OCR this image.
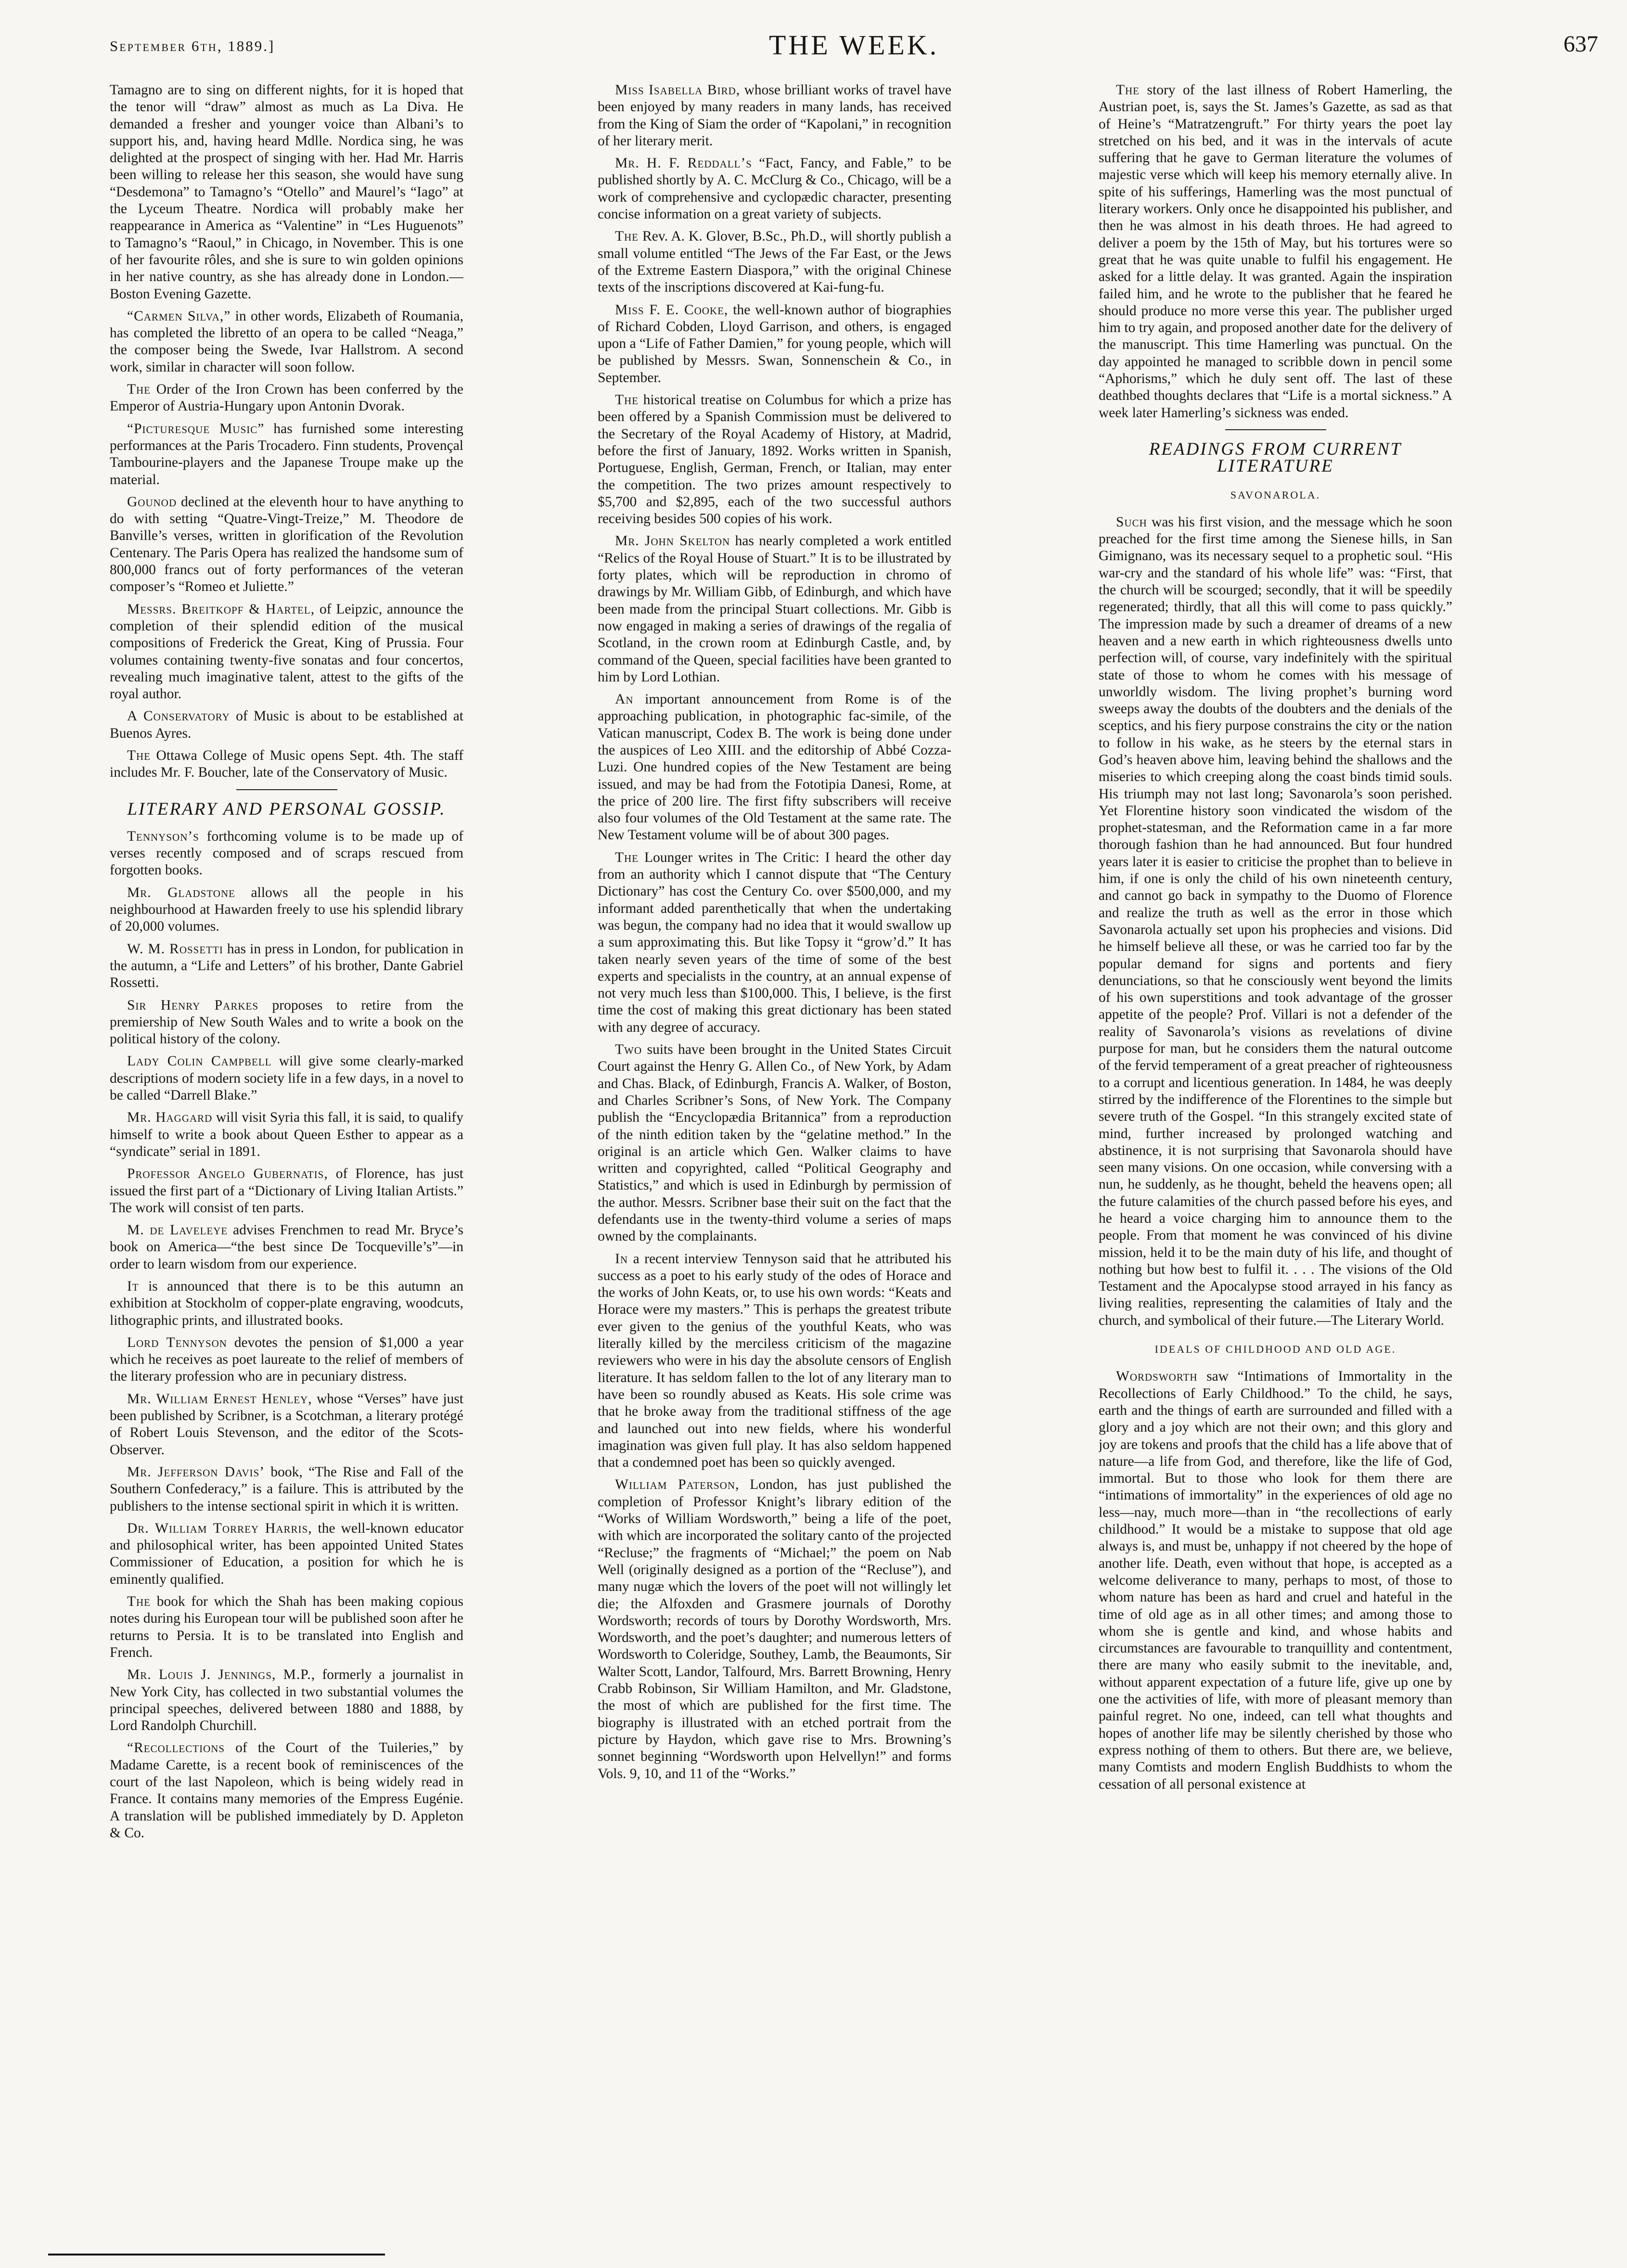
September 6th, 1889.]	THE WEEK.	637

Tamagno are to sing on different nights, for it is hoped that the tenor will “draw” almost as much as La Diva. He demanded a fresher and younger voice than Albani’s to support his, and, having heard Mdlle. Nordica sing, he was delighted at the prospect of singing with her. Had Mr. Harris been willing to release her this season, she would have sung “Desdemona” to Tamagno’s “Otello” and Maurel’s “Iago” at the Lyceum Theatre. Nordica will probably make her reappearance in America as “Valentine” in “Les Huguenots” to Tamagno’s “Raoul,” in Chicago, in November. This is one of her favourite rôles, and she is sure to win golden opinions in her native country, as she has already done in London.—Boston Evening Gazette.

“Carmen Silva,” in other words, Elizabeth of Roumania, has completed the libretto of an opera to be called “Neaga,” the composer being the Swede, Ivar Hallstrom. A second work, similar in character will soon follow.

The Order of the Iron Crown has been conferred by the Emperor of Austria-Hungary upon Antonin Dvorak.

“Picturesque Music” has furnished some interesting performances at the Paris Trocadero. Finn students, Provençal Tambourine-players and the Japanese Troupe make up the material.

Gounod declined at the eleventh hour to have anything to do with setting “Quatre-Vingt-Treize,” M. Theodore de Banville’s verses, written in glorification of the Revolution Centenary. The Paris Opera has realized the handsome sum of 800,000 francs out of forty performances of the veteran composer’s “Romeo et Juliette.”

Messrs. Breitkopf & Hartel, of Leipzic, announce the completion of their splendid edition of the musical compositions of Frederick the Great, King of Prussia. Four volumes containing twenty-five sonatas and four concertos, revealing much imaginative talent, attest to the gifts of the royal author.

A Conservatory of Music is about to be established at Buenos Ayres.

The Ottawa College of Music opens Sept. 4th. The staff includes Mr. F. Boucher, late of the Conservatory of Music.

LITERARY AND PERSONAL GOSSIP.

Tennyson’s forthcoming volume is to be made up of verses recently composed and of scraps rescued from forgotten books.

Mr. Gladstone allows all the people in his neighbourhood at Hawarden freely to use his splendid library of 20,000 volumes.

W. M. Rossetti has in press in London, for publication in the autumn, a “Life and Letters” of his brother, Dante Gabriel Rossetti.

Sir Henry Parkes proposes to retire from the premiership of New South Wales and to write a book on the political history of the colony.

Lady Colin Campbell will give some clearly-marked descriptions of modern society life in a few days, in a novel to be called “Darrell Blake.”

Mr. Haggard will visit Syria this fall, it is said, to qualify himself to write a book about Queen Esther to appear as a “syndicate” serial in 1891.

Professor Angelo Gubernatis, of Florence, has just issued the first part of a “Dictionary of Living Italian Artists.” The work will consist of ten parts.

M. de Laveleye advises Frenchmen to read Mr. Bryce’s book on America—“the best since De Tocqueville’s”—in order to learn wisdom from our experience.

It is announced that there is to be this autumn an exhibition at Stockholm of copper-plate engraving, woodcuts, lithographic prints, and illustrated books.

Lord Tennyson devotes the pension of $1,000 a year which he receives as poet laureate to the relief of members of the literary profession who are in pecuniary distress.

Mr. William Ernest Henley, whose “Verses” have just been published by Scribner, is a Scotchman, a literary protégé of Robert Louis Stevenson, and the editor of the Scots-Observer.

Mr. Jefferson Davis’ book, “The Rise and Fall of the Southern Confederacy,” is a failure. This is attributed by the publishers to the intense sectional spirit in which it is written.

Dr. William Torrey Harris, the well-known educator and philosophical writer, has been appointed United States Commissioner of Education, a position for which he is eminently qualified.

The book for which the Shah has been making copious notes during his European tour will be published soon after he returns to Persia. It is to be translated into English and French.

Mr. Louis J. Jennings, M.P., formerly a journalist in New York City, has collected in two substantial volumes the principal speeches, delivered between 1880 and 1888, by Lord Randolph Churchill.

“Recollections of the Court of the Tuileries,” by Madame Carette, is a recent book of reminiscences of the court of the last Napoleon, which is being widely read in France. It contains many memories of the Empress Eugénie. A translation will be published immediately by D. Appleton & Co.

Miss Isabella Bird, whose brilliant works of travel have been enjoyed by many readers in many lands, has received from the King of Siam the order of “Kapolani,” in recognition of her literary merit.

Mr. H. F. Reddall’s “Fact, Fancy, and Fable,” to be published shortly by A. C. McClurg & Co., Chicago, will be a work of comprehensive and cyclopædic character, presenting concise information on a great variety of subjects.

The Rev. A. K. Glover, B.Sc., Ph.D., will shortly publish a small volume entitled “The Jews of the Far East, or the Jews of the Extreme Eastern Diaspora,” with the original Chinese texts of the inscriptions discovered at Kai-fung-fu.

Miss F. E. Cooke, the well-known author of biographies of Richard Cobden, Lloyd Garrison, and others, is engaged upon a “Life of Father Damien,” for young people, which will be published by Messrs. Swan, Sonnenschein & Co., in September.

The historical treatise on Columbus for which a prize has been offered by a Spanish Commission must be delivered to the Secretary of the Royal Academy of History, at Madrid, before the first of January, 1892. Works written in Spanish, Portuguese, English, German, French, or Italian, may enter the competition. The two prizes amount respectively to $5,700 and $2,895, each of the two successful authors receiving besides 500 copies of his work.

Mr. John Skelton has nearly completed a work entitled “Relics of the Royal House of Stuart.” It is to be illustrated by forty plates, which will be reproduction in chromo of drawings by Mr. William Gibb, of Edinburgh, and which have been made from the principal Stuart collections. Mr. Gibb is now engaged in making a series of drawings of the regalia of Scotland, in the crown room at Edinburgh Castle, and, by command of the Queen, special facilities have been granted to him by Lord Lothian.

An important announcement from Rome is of the approaching publication, in photographic fac-simile, of the Vatican manuscript, Codex B. The work is being done under the auspices of Leo XIII. and the editorship of Abbé Cozza-Luzi. One hundred copies of the New Testament are being issued, and may be had from the Fototipia Danesi, Rome, at the price of 200 lire. The first fifty subscribers will receive also four volumes of the Old Testament at the same rate. The New Testament volume will be of about 300 pages.

The Lounger writes in The Critic: I heard the other day from an authority which I cannot dispute that “The Century Dictionary” has cost the Century Co. over $500,000, and my informant added parenthetically that when the undertaking was begun, the company had no idea that it would swallow up a sum approximating this. But like Topsy it “grow’d.” It has taken nearly seven years of the time of some of the best experts and specialists in the country, at an annual expense of not very much less than $100,000. This, I believe, is the first time the cost of making this great dictionary has been stated with any degree of accuracy.

Two suits have been brought in the United States Circuit Court against the Henry G. Allen Co., of New York, by Adam and Chas. Black, of Edinburgh, Francis A. Walker, of Boston, and Charles Scribner’s Sons, of New York. The Company publish the “Encyclopædia Britannica” from a reproduction of the ninth edition taken by the “gelatine method.” In the original is an article which Gen. Walker claims to have written and copyrighted, called “Political Geography and Statistics,” and which is used in Edinburgh by permission of the author. Messrs. Scribner base their suit on the fact that the defendants use in the twenty-third volume a series of maps owned by the complainants.

In a recent interview Tennyson said that he attributed his success as a poet to his early study of the odes of Horace and the works of John Keats, or, to use his own words: “Keats and Horace were my masters.” This is perhaps the greatest tribute ever given to the genius of the youthful Keats, who was literally killed by the merciless criticism of the magazine reviewers who were in his day the absolute censors of English literature. It has seldom fallen to the lot of any literary man to have been so roundly abused as Keats. His sole crime was that he broke away from the traditional stiffness of the age and launched out into new fields, where his wonderful imagination was given full play. It has also seldom happened that a condemned poet has been so quickly avenged.

William Paterson, London, has just published the completion of Professor Knight’s library edition of the “Works of William Wordsworth,” being a life of the poet, with which are incorporated the solitary canto of the projected “Recluse;” the fragments of “Michael;” the poem on Nab Well (originally designed as a portion of the “Recluse”), and many nugæ which the lovers of the poet will not willingly let die; the Alfoxden and Grasmere journals of Dorothy Wordsworth; records of tours by Dorothy Wordsworth, Mrs. Wordsworth, and the poet’s daughter; and numerous letters of Wordsworth to Coleridge, Southey, Lamb, the Beaumonts, Sir Walter Scott, Landor, Talfourd, Mrs. Barrett Browning, Henry Crabb Robinson, Sir William Hamilton, and Mr. Gladstone, the most of which are published for the first time. The biography is illustrated with an etched portrait from the picture by Haydon, which gave rise to Mrs. Browning’s sonnet beginning “Wordsworth upon Helvellyn!” and forms Vols. 9, 10, and 11 of the “Works.”

The story of the last illness of Robert Hamerling, the Austrian poet, is, says the St. James’s Gazette, as sad as that of Heine’s “Matratzengruft.” For thirty years the poet lay stretched on his bed, and it was in the intervals of acute suffering that he gave to German literature the volumes of majestic verse which will keep his memory eternally alive. In spite of his sufferings, Hamerling was the most punctual of literary workers. Only once he disappointed his publisher, and then he was almost in his death throes. He had agreed to deliver a poem by the 15th of May, but his tortures were so great that he was quite unable to fulfil his engagement. He asked for a little delay. It was granted. Again the inspiration failed him, and he wrote to the publisher that he feared he should produce no more verse this year. The publisher urged him to try again, and proposed another date for the delivery of the manuscript. This time Hamerling was punctual. On the day appointed he managed to scribble down in pencil some “Aphorisms,” which he duly sent off. The last of these deathbed thoughts declares that “Life is a mortal sickness.” A week later Hamerling’s sickness was ended.

READINGS FROM CURRENT LITERATURE
SAVONAROLA.

Such was his first vision, and the message which he soon preached for the first time among the Sienese hills, in San Gimignano, was its necessary sequel to a prophetic soul. “His war-cry and the standard of his whole life” was: “First, that the church will be scourged; secondly, that it will be speedily regenerated; thirdly, that all this will come to pass quickly.” The impression made by such a dreamer of dreams of a new heaven and a new earth in which righteousness dwells unto perfection will, of course, vary indefinitely with the spiritual state of those to whom he comes with his message of unworldly wisdom. The living prophet’s burning word sweeps away the doubts of the doubters and the denials of the sceptics, and his fiery purpose constrains the city or the nation to follow in his wake, as he steers by the eternal stars in God’s heaven above him, leaving behind the shallows and the miseries to which creeping along the coast binds timid souls. His triumph may not last long; Savonarola’s soon perished. Yet Florentine history soon vindicated the wisdom of the prophet-statesman, and the Reformation came in a far more thorough fashion than he had announced. But four hundred years later it is easier to criticise the prophet than to believe in him, if one is only the child of his own nineteenth century, and cannot go back in sympathy to the Duomo of Florence and realize the truth as well as the error in those which Savonarola actually set upon his prophecies and visions. Did he himself believe all these, or was he carried too far by the popular demand for signs and portents and fiery denunciations, so that he consciously went beyond the limits of his own superstitions and took advantage of the grosser appetite of the people? Prof. Villari is not a defender of the reality of Savonarola’s visions as revelations of divine purpose for man, but he considers them the natural outcome of the fervid temperament of a great preacher of righteousness to a corrupt and licentious generation. In 1484, he was deeply stirred by the indifference of the Florentines to the simple but severe truth of the Gospel. “In this strangely excited state of mind, further increased by prolonged watching and abstinence, it is not surprising that Savonarola should have seen many visions. On one occasion, while conversing with a nun, he suddenly, as he thought, beheld the heavens open; all the future calamities of the church passed before his eyes, and he heard a voice charging him to announce them to the people. From that moment he was convinced of his divine mission, held it to be the main duty of his life, and thought of nothing but how best to fulfil it. . . . The visions of the Old Testament and the Apocalypse stood arrayed in his fancy as living realities, representing the calamities of Italy and the church, and symbolical of their future.—The Literary World.

IDEALS OF CHILDHOOD AND OLD AGE.

Wordsworth saw “Intimations of Immortality in the Recollections of Early Childhood.” To the child, he says, earth and the things of earth are surrounded and filled with a glory and a joy which are not their own; and this glory and joy are tokens and proofs that the child has a life above that of nature—a life from God, and therefore, like the life of God, immortal. But to those who look for them there are “intimations of immortality” in the experiences of old age no less—nay, much more—than in “the recollections of early childhood.” It would be a mistake to suppose that old age always is, and must be, unhappy if not cheered by the hope of another life. Death, even without that hope, is accepted as a welcome deliverance to many, perhaps to most, of those to whom nature has been as hard and cruel and hateful in the time of old age as in all other times; and among those to whom she is gentle and kind, and whose habits and circumstances are favourable to tranquillity and contentment, there are many who easily submit to the inevitable, and, without apparent expectation of a future life, give up one by one the activities of life, with more of pleasant memory than painful regret. No one, indeed, can tell what thoughts and hopes of another life may be silently cherished by those who express nothing of them to others. But there are, we believe, many Comtists and modern English Buddhists to whom the cessation of all personal existence at
